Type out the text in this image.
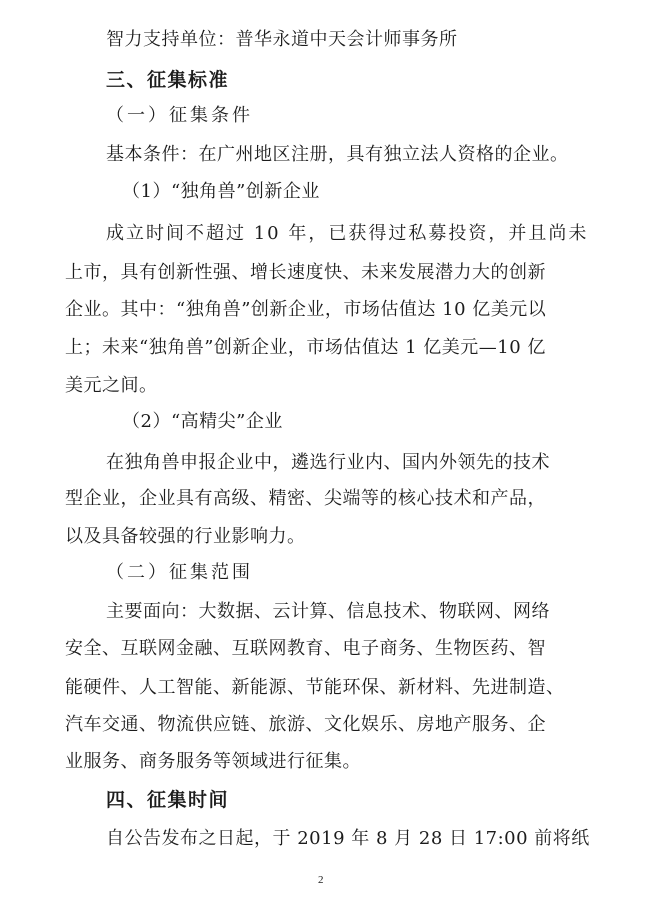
智力支持单位：普华永道中天会计师事务所
三、征集标准
（一）征集条件
基本条件：在广州地区注册，具有独立法人资格的企业。
（1）“独角兽”创新企业
成立时间不超过 10 年，已获得过私募投资，并且尚未
上市，具有创新性强、增长速度快、未来发展潜力大的创新
企业。其中：“独角兽”创新企业，市场估值达 10 亿美元以
上；未来“独角兽”创新企业，市场估值达 1 亿美元—10 亿
美元之间。
（2）“高精尖”企业
在独角兽申报企业中，遴选行业内、国内外领先的技术
型企业，企业具有高级、精密、尖端等的核心技术和产品，
以及具备较强的行业影响力。
（二）征集范围
主要面向：大数据、云计算、信息技术、物联网、网络
安全、互联网金融、互联网教育、电子商务、生物医药、智
能硬件、人工智能、新能源、节能环保、新材料、先进制造、
汽车交通、物流供应链、旅游、文化娱乐、房地产服务、企
业服务、商务服务等领域进行征集。
四、征集时间
自公告发布之日起，于 2019 年 8 月 28 日 17:00 前将纸
2
